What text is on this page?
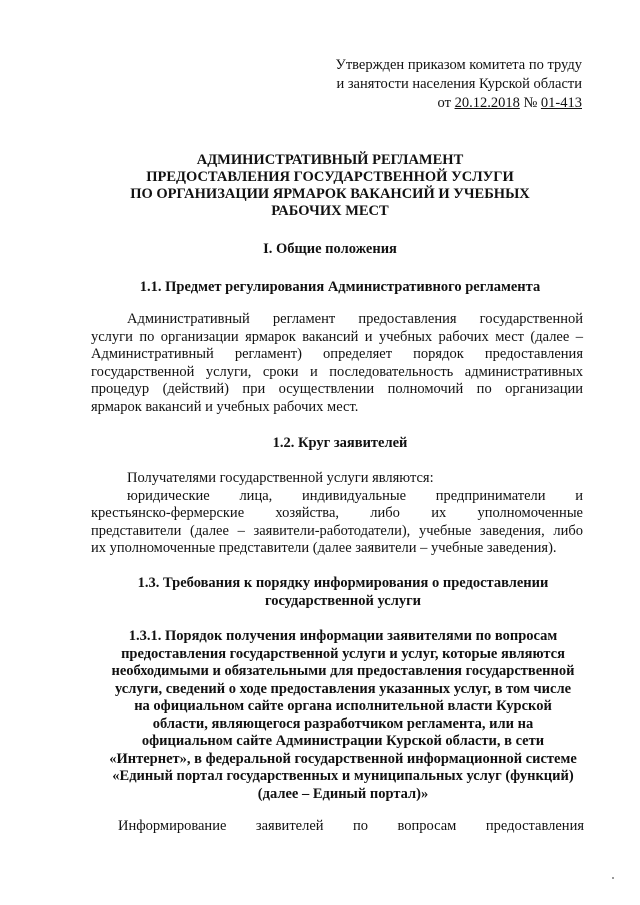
Утвержден приказом комитета по труду
и занятости населения Курской области
от 20.12.2018 № 01-413
АДМИНИСТРАТИВНЫЙ РЕГЛАМЕНТ
ПРЕДОСТАВЛЕНИЯ ГОСУДАРСТВЕННОЙ УСЛУГИ
ПО ОРГАНИЗАЦИИ ЯРМАРОК ВАКАНСИЙ И УЧЕБНЫХ
РАБОЧИХ МЕСТ
I. Общие положения
1.1. Предмет регулирования Административного регламента
Административный регламент предоставления государственной
услуги по организации ярмарок вакансий и учебных рабочих мест (далее –
Административный регламент) определяет порядок предоставления
государственной услуги, сроки и последовательность административных
процедур (действий) при осуществлении полномочий по организации
ярмарок вакансий и учебных рабочих мест.
1.2. Круг заявителей
Получателями государственной услуги являются:
юридические лица, индивидуальные предприниматели и
крестьянско-фермерские хозяйства, либо их уполномоченные
представители (далее – заявители-работодатели), учебные заведения, либо
их уполномоченные представители (далее заявители – учебные заведения).
1.3. Требования к порядку информирования о предоставлении
государственной услуги
1.3.1. Порядок получения информации заявителями по вопросам
предоставления государственной услуги и услуг, которые являются
необходимыми и обязательными для предоставления государственной
услуги, сведений о ходе предоставления указанных услуг, в том числе
на официальном сайте органа исполнительной власти Курской
области, являющегося разработчиком регламента, или на
официальном сайте Администрации Курской области, в сети
«Интернет», в федеральной государственной информационной системе
«Единый портал государственных и муниципальных услуг (функций)
(далее – Единый портал)»
Информирование заявителей по вопросам предоставления
